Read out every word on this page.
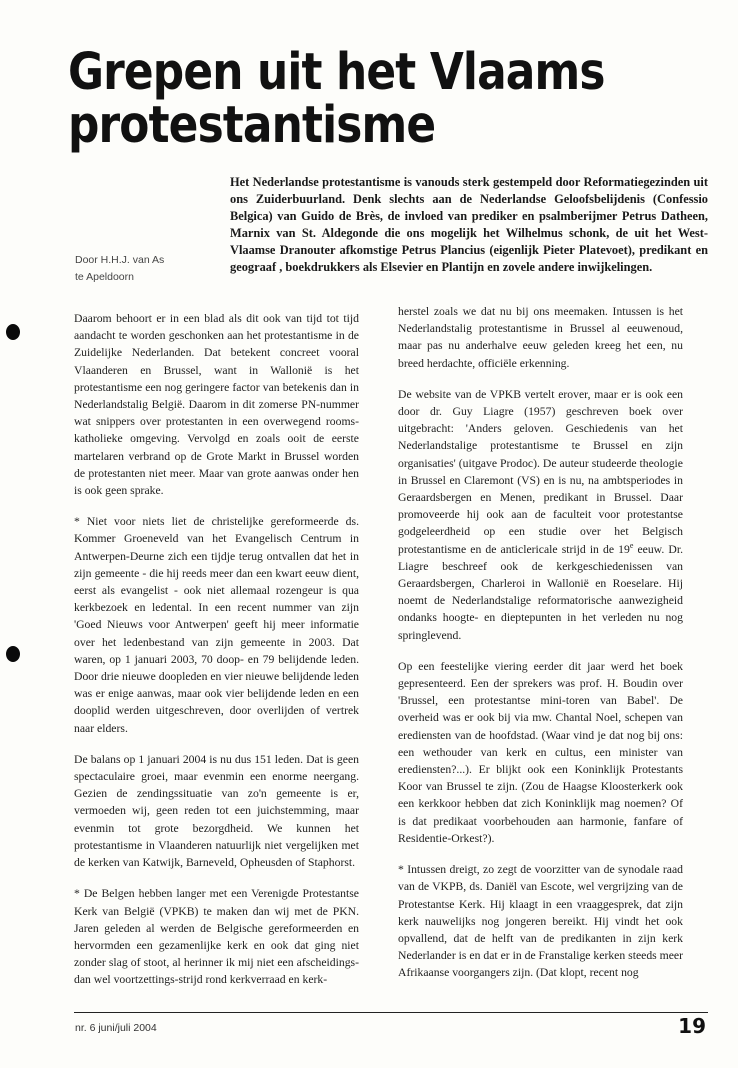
Grepen uit het Vlaams
protestantisme
Door H.H.J. van As
te Apeldoorn
Het Nederlandse protestantisme is vanouds sterk gestempeld door Reformatiegezinden uit ons Zuiderbuurland. Denk slechts aan de Nederlandse Geloofsbelijdenis (Confessio Belgica) van Guido de Brès, de invloed van prediker en psalmberijmer Petrus Datheen, Marnix van St. Aldegonde die ons mogelijk het Wilhelmus schonk, de uit het West-Vlaamse Dranouter afkomstige Petrus Plancius (eigenlijk Pieter Platevoet), predikant en geograaf , boekdrukkers als Elsevier en Plantijn en zovele andere inwijkelingen.

Daarom behoort er in een blad als dit ook van tijd tot tijd aandacht te worden geschonken aan het protestantisme in de Zuidelijke Nederlanden. Dat betekent concreet vooral Vlaanderen en Brussel, want in Wallonië is het protestantisme een nog geringere factor van betekenis dan in Nederlandstalig België. Daarom in dit zomerse PN-nummer wat snippers over protestanten in een overwegend rooms-katholieke omgeving. Vervolgd en zoals ooit de eerste martelaren verbrand op de Grote Markt in Brussel worden de protestanten niet meer. Maar van grote aanwas onder hen is ook geen sprake.

* Niet voor niets liet de christelijke gereformeerde ds. Kommer Groeneveld van het Evangelisch Centrum in Antwerpen-Deurne zich een tijdje terug ontvallen dat het in zijn gemeente - die hij reeds meer dan een kwart eeuw dient, eerst als evangelist - ook niet allemaal rozengeur is qua kerkbezoek en ledental. In een recent nummer van zijn 'Goed Nieuws voor Antwerpen' geeft hij meer informatie over het ledenbestand van zijn gemeente in 2003. Dat waren, op 1 januari 2003, 70 doop- en 79 belijdende leden. Door drie nieuwe doopleden en vier nieuwe belijdende leden was er enige aanwas, maar ook vier belijdende leden en een dooplid werden uitgeschreven, door overlijden of vertrek naar elders.

De balans op 1 januari 2004 is nu dus 151 leden. Dat is geen spectaculaire groei, maar evenmin een enorme neergang. Gezien de zendingssituatie van zo'n gemeente is er, vermoeden wij, geen reden tot een juichstemming, maar evenmin tot grote bezorgdheid. We kunnen het protestantisme in Vlaanderen natuurlijk niet vergelijken met de kerken van Katwijk, Barneveld, Opheusden of Staphorst.

* De Belgen hebben langer met een Verenigde Protestantse Kerk van België (VPKB) te maken dan wij met de PKN. Jaren geleden al werden de Belgische gereformeerden en hervormden een gezamenlijke kerk en ook dat ging niet zonder slag of stoot, al herinner ik mij niet een afscheidings- dan wel voortzettings-strijd rond kerkverraad en kerk-

herstel zoals we dat nu bij ons meemaken. Intussen is het Nederlandstalig protestantisme in Brussel al eeuwenoud, maar pas nu anderhalve eeuw geleden kreeg het een, nu breed herdachte, officiële erkenning.

De website van de VPKB vertelt erover, maar er is ook een door dr. Guy Liagre (1957) geschreven boek over uitgebracht: 'Anders geloven. Geschiedenis van het Nederlandstalige protestantisme te Brussel en zijn organisaties' (uitgave Prodoc). De auteur studeerde theologie in Brussel en Claremont (VS) en is nu, na ambtsperiodes in Geraardsbergen en Menen, predikant in Brussel. Daar promoveerde hij ook aan de faculteit voor protestantse godgeleerdheid op een studie over het Belgisch protestantisme en de anticlericale strijd in de 19e eeuw. Dr. Liagre beschreef ook de kerkgeschiedenissen van Geraardsbergen, Charleroi in Wallonië en Roeselare. Hij noemt de Nederlandstalige reformatorische aanwezigheid ondanks hoogte- en dieptepunten in het verleden nu nog springlevend.

Op een feestelijke viering eerder dit jaar werd het boek gepresenteerd. Een der sprekers was prof. H. Boudin over 'Brussel, een protestantse mini-toren van Babel'. De overheid was er ook bij via mw. Chantal Noel, schepen van erediensten van de hoofdstad. (Waar vind je dat nog bij ons: een wethouder van kerk en cultus, een minister van erediensten?...). Er blijkt ook een Koninklijk Protestants Koor van Brussel te zijn. (Zou de Haagse Kloosterkerk ook een kerkkoor hebben dat zich Koninklijk mag noemen? Of is dat predikaat voorbehouden aan harmonie, fanfare of Residentie-Orkest?).

* Intussen dreigt, zo zegt de voorzitter van de synodale raad van de VKPB, ds. Daniël van Escote, wel vergrijzing van de Protestantse Kerk. Hij klaagt in een vraaggesprek, dat zijn kerk nauwelijks nog jongeren bereikt. Hij vindt het ook opvallend, dat de helft van de predikanten in zijn kerk Nederlander is en dat er in de Franstalige kerken steeds meer Afrikaanse voorgangers zijn. (Dat klopt, recent nog

nr. 6 juni/juli 2004	19
